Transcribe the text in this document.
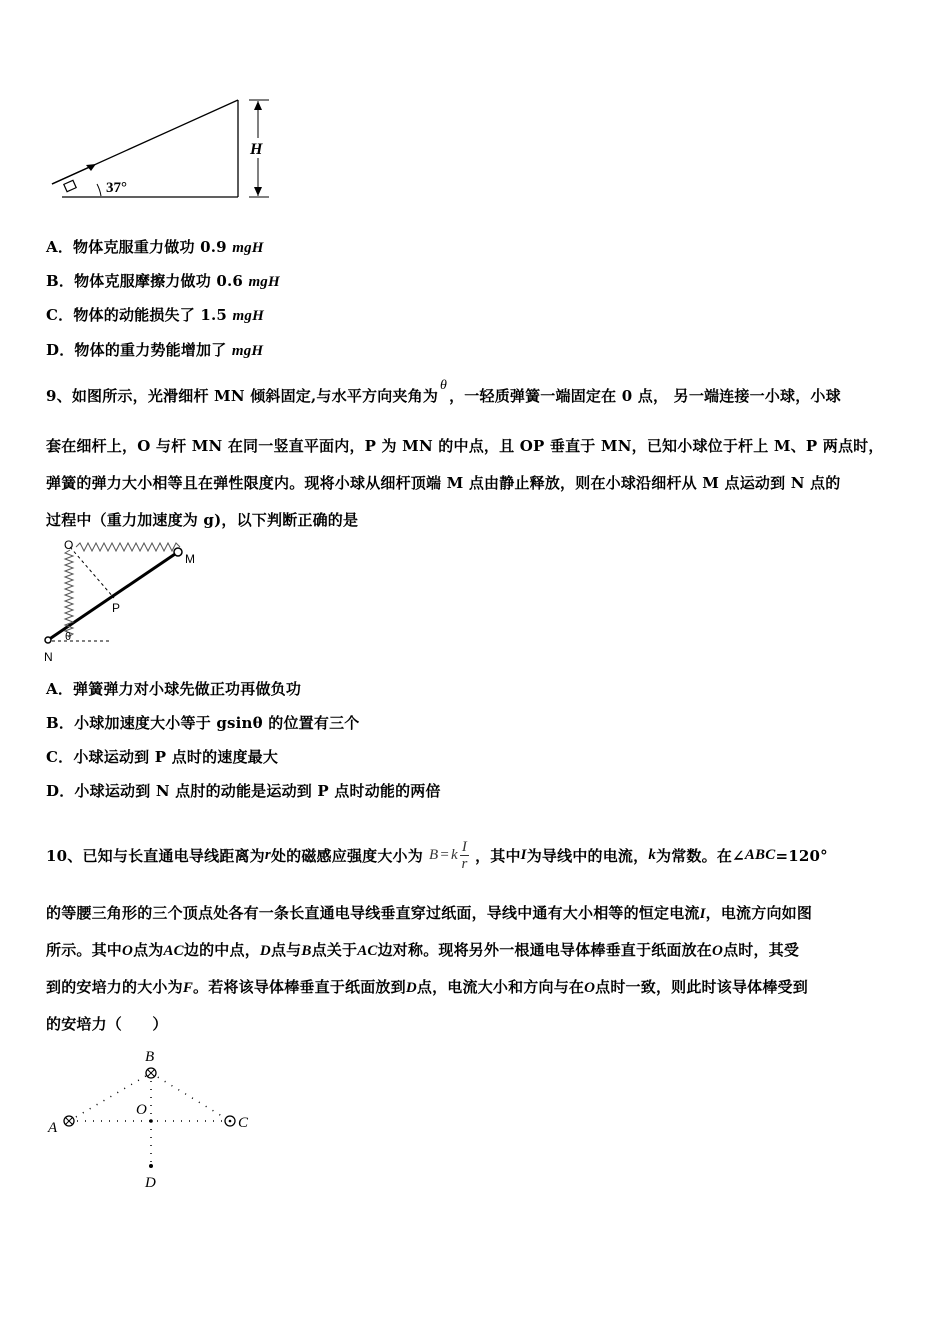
37°
H
A．物体克服重力做功 0.9 mgH
B．物体克服摩擦力做功 0.6 mgH
C．物体的动能损失了 1.5 mgH
D．物体的重力势能增加了 mgH
9、如图所示，光滑细杆 MN 倾斜固定,与水平方向夹角为θ，一轻质弹簧一端固定在 0 点， 另一端连接一小球，小球
套在细杆上，O 与杆 MN 在同一竖直平面内，P 为 MN 的中点，且 OP 垂直于 MN，已知小球位于杆上 M、P 两点时，
弹簧的弹力大小相等且在弹性限度内。现将小球从细杆顶端 M 点由静止释放，则在小球沿细杆从 M 点运动到 N 点的
过程中（重力加速度为 g)，以下判断正确的是
O
M
P
N
θ
A．弹簧弹力对小球先做正功再做负功
B．小球加速度大小等于 gsinθ 的位置有三个
C．小球运动到 P 点时的速度最大
D．小球运动到 N 点肘的动能是运动到 P 点时动能的两倍
10、已知与长直通电导线距离为 r 处的磁感应强度大小为 B = k $\frac{I}{r}$ ，其中 I 为导线中的电流， k 为常数。在∠ ABC =120°
的等腰三角形的三个顶点处各有一条长直通电导线垂直穿过纸面，导线中通有大小相等的恒定电流I，电流方向如图
所示。其中O点为AC边的中点，D点与B点关于AC边对称。现将另外一根通电导体棒垂直于纸面放在O点时，其受
到的安培力的大小为F。若将该导体棒垂直于纸面放到D点，电流大小和方向与在O点时一致，则此时该导体棒受到
的安培力（　　）
A
B
C
O
D
